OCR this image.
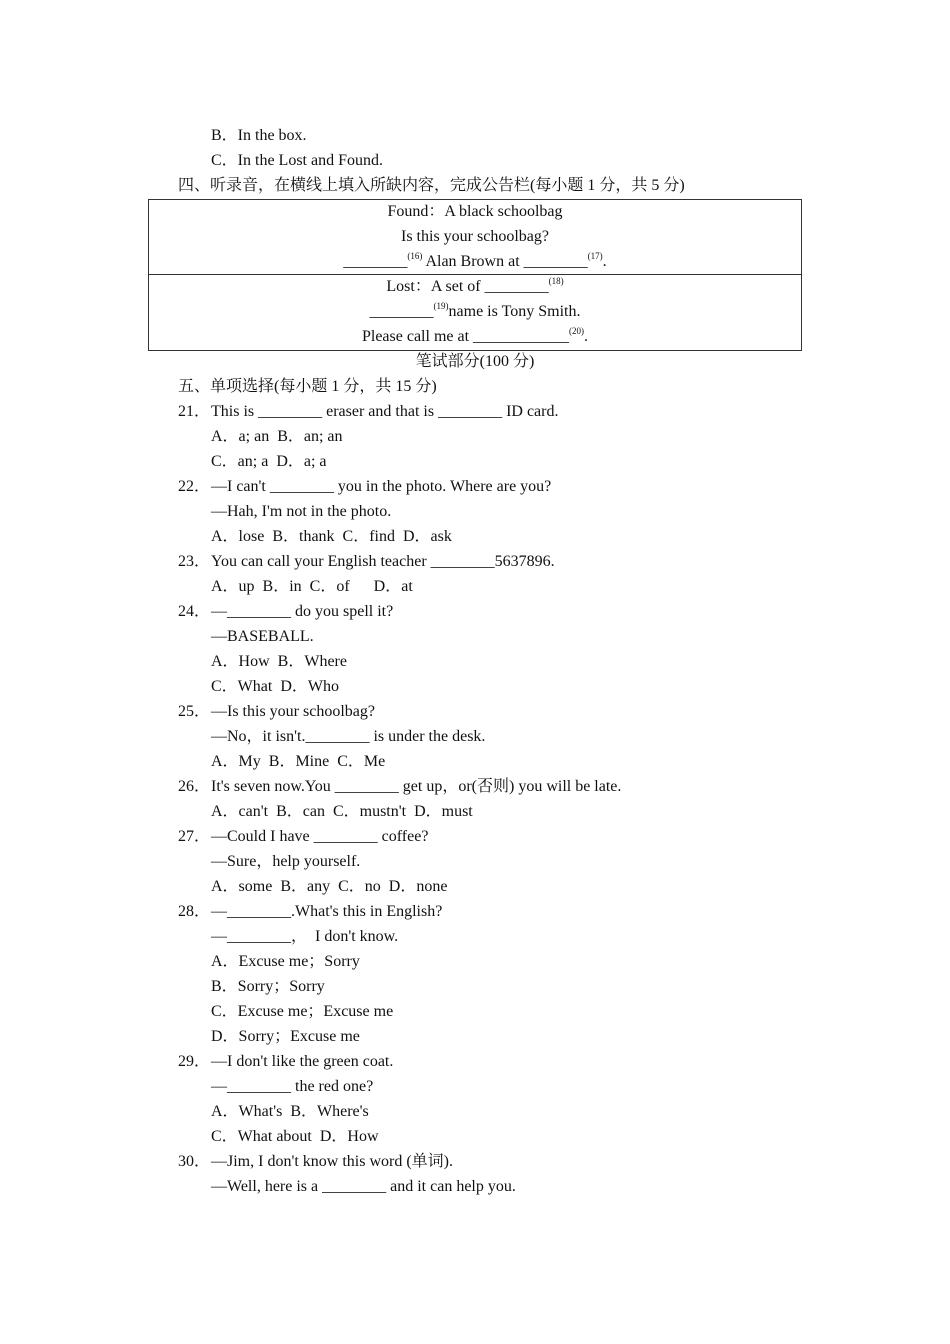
B．In the box.
C．In the Lost and Found.
四、听录音，在横线上填入所缺内容，完成公告栏(每小题 1 分，共 5 分)
Found：A black schoolbag
Is this your schoolbag?
________$^{(16)}$ Alan Brown at ________$^{(17)}$.
Lost：A set of ________$^{(18)}$
________$^{(19)}$name is Tony Smith.
Please call me at ____________$^{(20)}$.
笔试部分(100 分)
五、单项选择(每小题 1 分，共 15 分)
21． This is ________ eraser and that is ________ ID card.
A．a; an  B．an; an
C．an; a  D．a; a
22． —I can't ________ you in the photo. Where are you?
—Hah, I'm not in the photo.
A．lose  B．thank  C．find  D．ask
23． You can call your English teacher ________5637896.
A．up  B．in  C．of      D．at
24． —________ do you spell it?
—BASEBALL.
A．How  B．Where
C．What  D．Who
25． —Is this your schoolbag?
—No，it isn't.________ is under the desk.
A．My  B．Mine  C．Me
26． It's seven now.You ________ get up，or(否则) you will be late.
A．can't  B．can  C．mustn't  D．must
27． —Could I have ________ coffee?
—Sure，help yourself.
A．some  B．any  C．no  D．none
28． —________.What's this in English?
—________，  I don't know.
A．Excuse me；Sorry
B．Sorry；Sorry
C．Excuse me；Excuse me
D．Sorry；Excuse me
29． —I don't like the green coat.
—________ the red one?
A．What's  B．Where's
C．What about  D．How
30． —Jim, I don't know this word (单词).
—Well, here is a ________ and it can help you.
